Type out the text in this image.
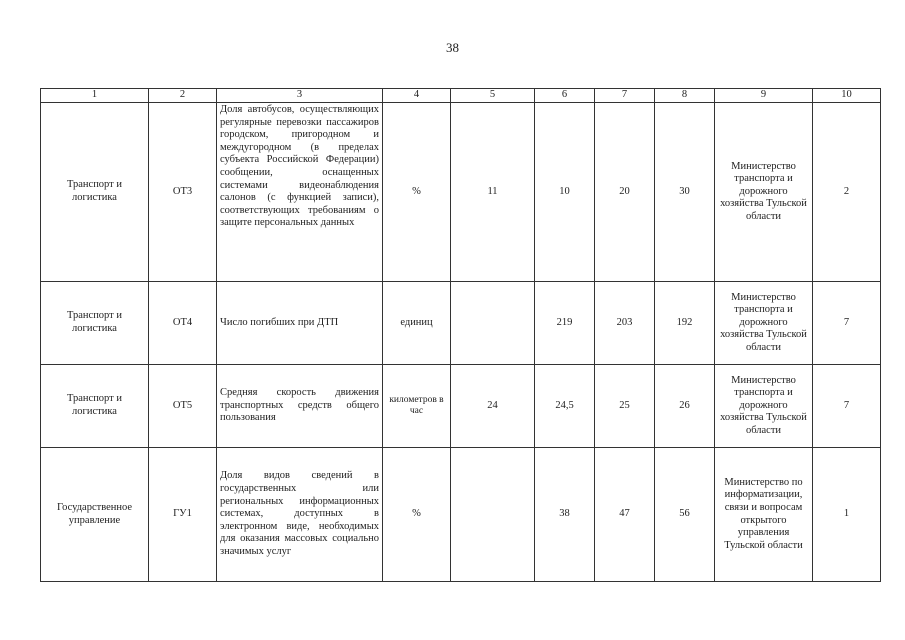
38
1	2	3	4	5	6	7	8	9	10
Транспорт и логистика	ОТ3	Доля автобусов, осуществляющих регулярные перевозки пассажиров городском, пригородном и междугородном (в пределах субъекта Российской Федерации) сообщении, оснащенных системами видеонаблюдения салонов (с функцией записи), соответствующих требованиям о защите персональных данных	%	11	10	20	30	Министерство транспорта и дорожного хозяйства Тульской области	2
Транспорт и логистика	ОТ4	Число погибших при ДТП	единиц		219	203	192	Министерство транспорта и дорожного хозяйства Тульской области	7
Транспорт и логистика	ОТ5	Средняя скорость движения транспортных средств общего пользования	километров в час	24	24,5	25	26	Министерство транспорта и дорожного хозяйства Тульской области	7
Государственное управление	ГУ1	Доля видов сведений в государственных или региональных информационных системах, доступных в электронном виде, необходимых для оказания массовых социально значимых услуг	%		38	47	56	Министерство по информатизации, связи и вопросам открытого управления Тульской области	1
